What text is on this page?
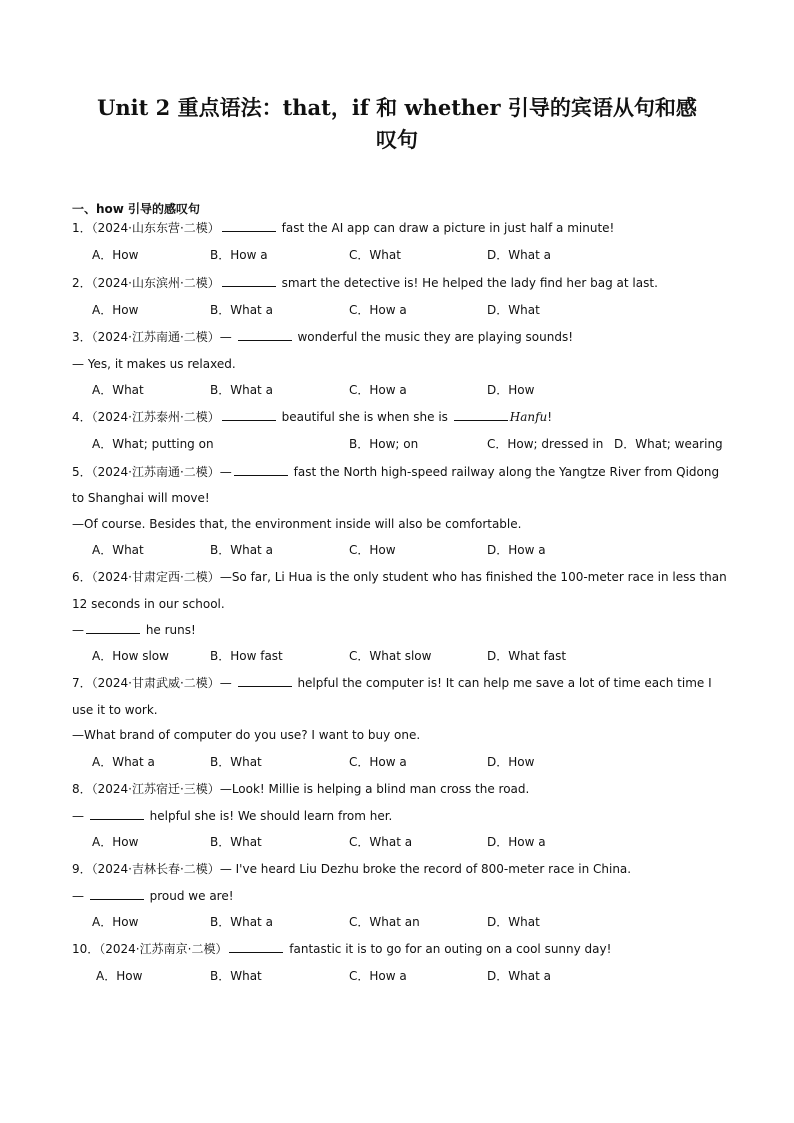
Unit 2 重点语法：that，if 和 whether 引导的宾语从句和感
叹句
一、how 引导的感叹句
1．（2024·山东东营·二模）	fast the AI app can draw a picture in just half a minute!
A．How	B．How a	C．What	D．What a
2．（2024·山东滨州·二模）	smart the detective is! He helped the lady find her bag at last.
A．How	B．What a	C．How a	D．What
3．（2024·江苏南通·二模）—	wonderful the music they are playing sounds!
— Yes, it makes us relaxed.
A．What	B．What a	C．How a	D．How
4．（2024·江苏泰州·二模）	beautiful she is when she is	Hanfu!
A．What; putting on	B．How; on	C．How; dressed in D．What; wearing
5．（2024·江苏南通·二模）—	fast the North high-speed railway along the Yangtze River from Qidong
to Shanghai will move!
—Of course. Besides that, the environment inside will also be comfortable.
A．What	B．What a	C．How	D．How a
6．（2024·甘肃定西·二模）—So far, Li Hua is the only student who has finished the 100-meter race in less than
12 seconds in our school.
—	he runs!
A．How slow	B．How fast	C．What slow	D．What fast
7．（2024·甘肃武威·二模）—	helpful the computer is! It can help me save a lot of time each time I
use it to work.
—What brand of computer do you use? I want to buy one.
A．What a	B．What	C．How a	D．How
8．（2024·江苏宿迁·三模）—Look! Millie is helping a blind man cross the road.
—	helpful she is! We should learn from her.
A．How	B．What	C．What a	D．How a
9．（2024·吉林长春·二模）— I've heard Liu Dezhu broke the record of 800-meter race in China.
—	proud we are!
A．How	B．What a	C．What an	D．What
10．（2024·江苏南京·二模）	fantastic it is to go for an outing on a cool sunny day!
A．How	B．What	C．How a	D．What a
